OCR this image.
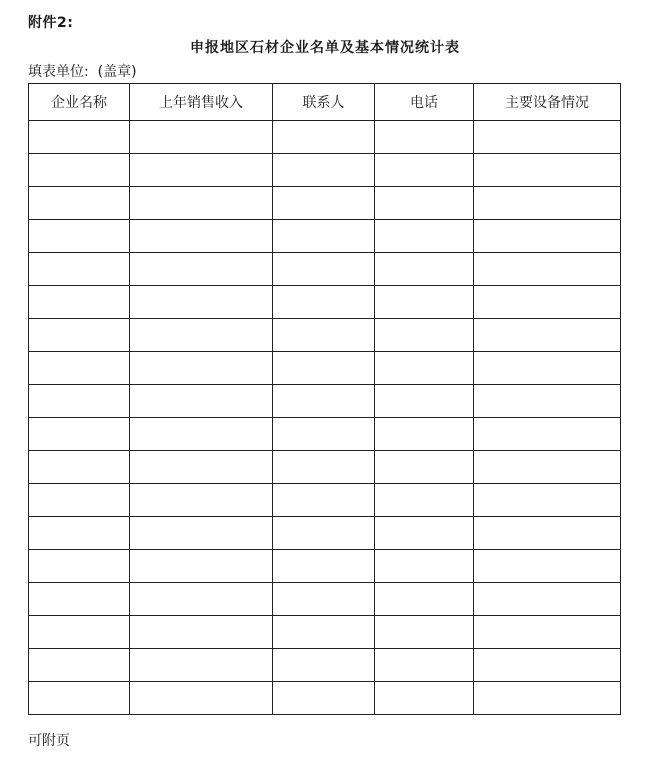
附件2:
申报地区石材企业名单及基本情况统计表
填表单位: (盖章)
企业名称	上年销售收入	联系人	电话	主要设备情况

可附页
